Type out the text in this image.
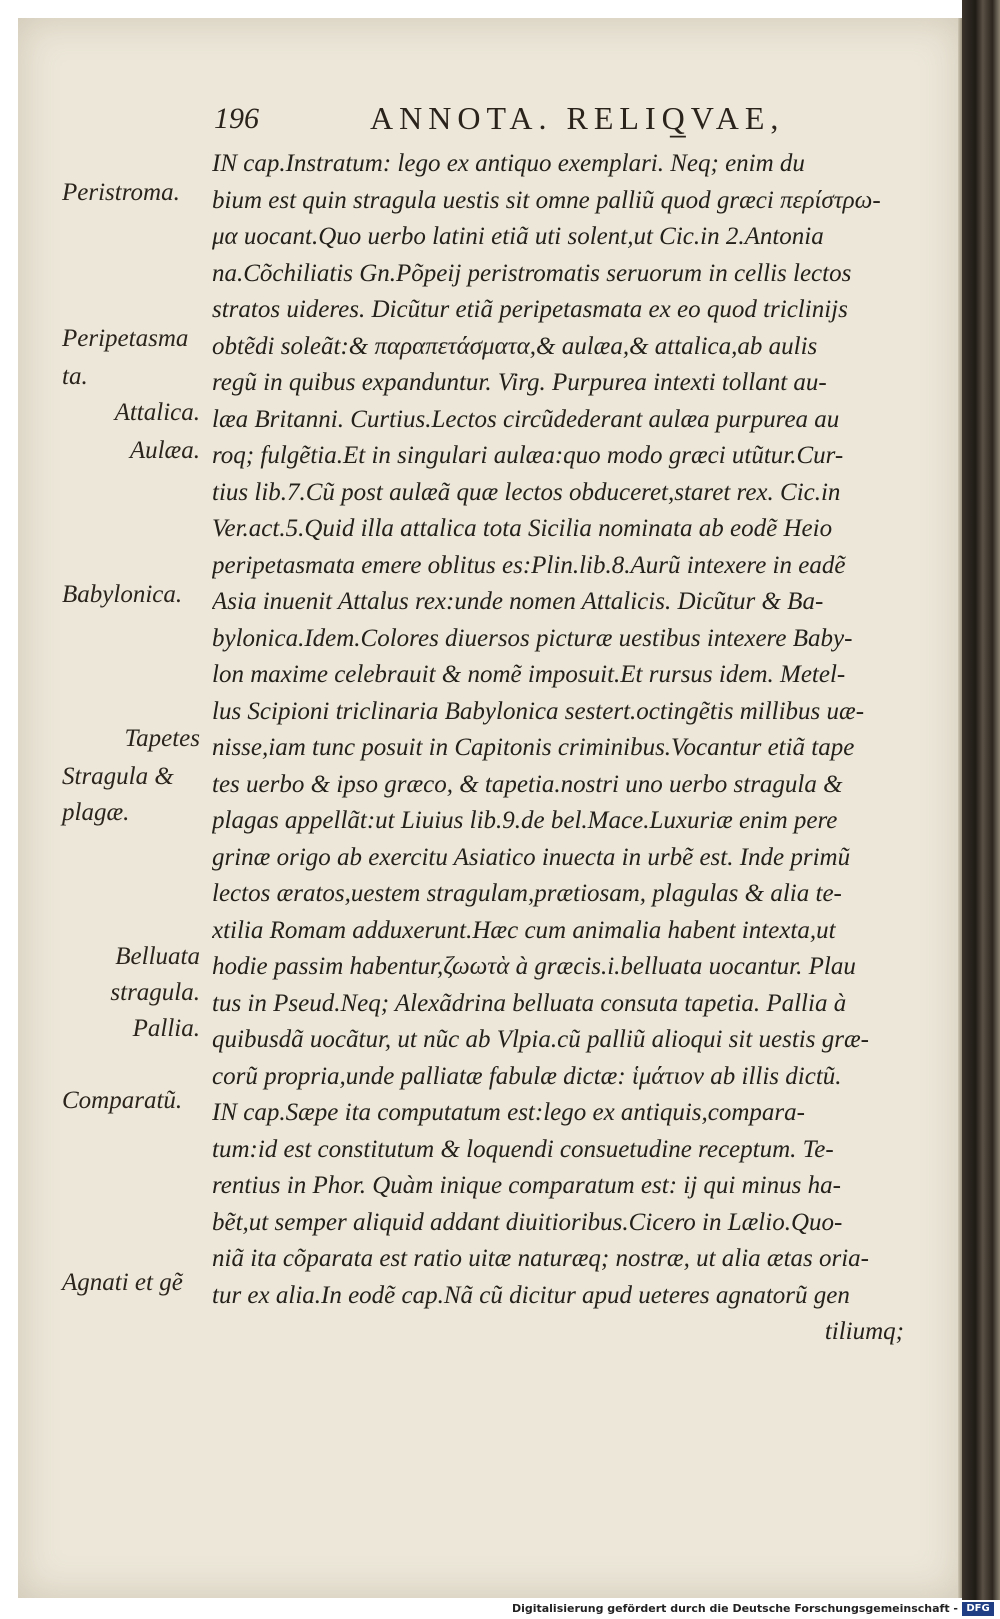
196	ANNOTA. RELIQ̲VAE,
IN cap.Instratum: lego ex antiquo exemplari. Neq; enim du
bium est quin stragula uestis sit omne palliũ quod græci περίστρω-
μα uocant.Quo uerbo latini etiã uti solent,ut Cic.in 2.Antonia
na.Cõchiliatis Gn.Põpeij peristromatis seruorum in cellis lectos
stratos uideres. Dicũtur etiã peripetasmata ex eo quod triclinijs
obtẽdi soleãt:& παραπετάσματα,& aulæa,& attalica,ab aulis
regũ in quibus expanduntur. Virg. Purpurea intexti tollant au-
læa Britanni. Curtius.Lectos circũdederant aulæa purpurea au
roq; fulgẽtia.Et in singulari aulæa:quo modo græci utũtur.Cur-
tius lib.7.Cũ post aulæã quæ lectos obduceret,staret rex. Cic.in
Ver.act.5.Quid illa attalica tota Sicilia nominata ab eodẽ Heio
peripetasmata emere oblitus es:Plin.lib.8.Aurũ intexere in eadẽ
Asia inuenit Attalus rex:unde nomen Attalicis. Dicũtur & Ba-
bylonica.Idem.Colores diuersos picturæ uestibus intexere Baby-
lon maxime celebrauit & nomẽ imposuit.Et rursus idem. Metel-
lus Scipioni triclinaria Babylonica sestert.octingẽtis millibus uæ-
nisse,iam tunc posuit in Capitonis criminibus.Vocantur etiã tape
tes uerbo & ipso græco, & tapetia.nostri uno uerbo stragula &
plagas appellãt:ut Liuius lib.9.de bel.Mace.Luxuriæ enim pere
grinæ origo ab exercitu Asiatico inuecta in urbẽ est. Inde primũ
lectos æratos,uestem stragulam,prætiosam, plagulas & alia te-
xtilia Romam adduxerunt.Hæc cum animalia habent intexta,ut
hodie passim habentur,ζωωτὰ à græcis.i.belluata uocantur. Plau
tus in Pseud.Neq; Alexãdrina belluata consuta tapetia. Pallia à
quibusdã uocãtur, ut nũc ab Vlpia.cũ palliũ alioqui sit uestis græ-
corũ propria,unde palliatæ fabulæ dictæ: ἱμάτιον ab illis dictũ.
IN cap.Sæpe ita computatum est:lego ex antiquis,compara-
tum:id est constitutum & loquendi consuetudine receptum. Te-
rentius in Phor. Quàm inique comparatum est: ij qui minus ha-
bẽt,ut semper aliquid addant diuitioribus.Cicero in Lælio.Quo-
niã ita cõparata est ratio uitæ naturæq; nostræ, ut alia ætas oria-
tur ex alia.In eodẽ cap.Nã cũ dicitur apud ueteres agnatorũ gen
tiliumq;
Peristroma.
Peripetasma
ta.
Attalica.
Aulæa.
Babylonica.
Tapetes
Stragula &
plagæ.
Belluata
stragula.
Pallia.
Comparatũ.
Agnati et gẽ
Digitalisierung gefördert durch die Deutsche Forschungsgemeinschaft - DFG
